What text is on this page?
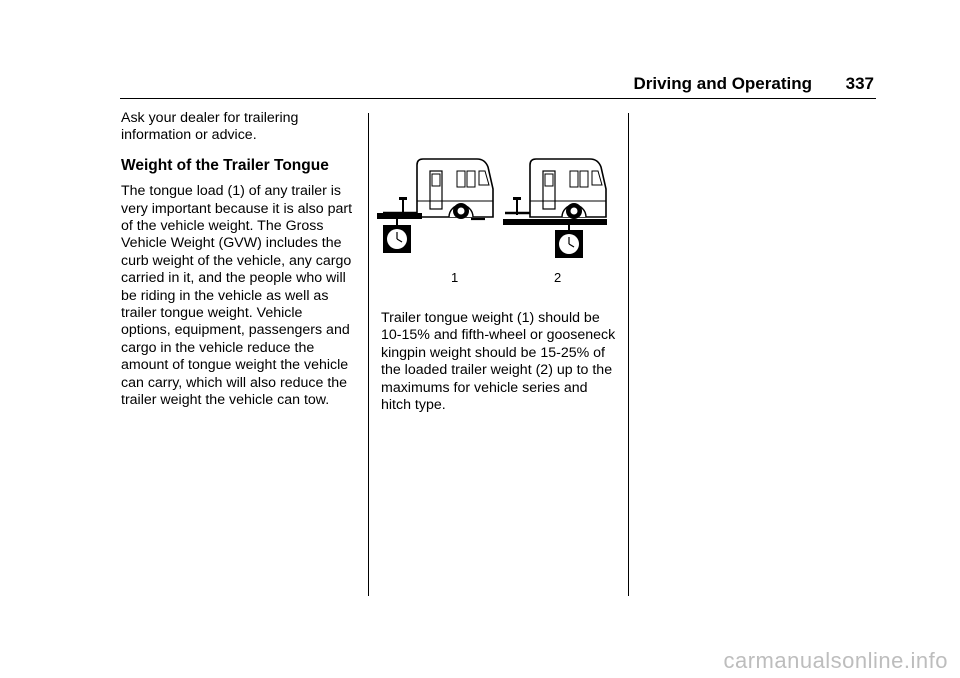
Driving and Operating 337

Ask your dealer for trailering information or advice.

Weight of the Trailer Tongue

The tongue load (1) of any trailer is very important because it is also part of the vehicle weight. The Gross Vehicle Weight (GVW) includes the curb weight of the vehicle, any cargo carried in it, and the people who will be riding in the vehicle as well as trailer tongue weight. Vehicle options, equipment, passengers and cargo in the vehicle reduce the amount of tongue weight the vehicle can carry, which will also reduce the trailer weight the vehicle can tow.

1	2

Trailer tongue weight (1) should be 10-15% and fifth-wheel or gooseneck kingpin weight should be 15-25% of the loaded trailer weight (2) up to the maximums for vehicle series and hitch type.

carmanualsonline.info
